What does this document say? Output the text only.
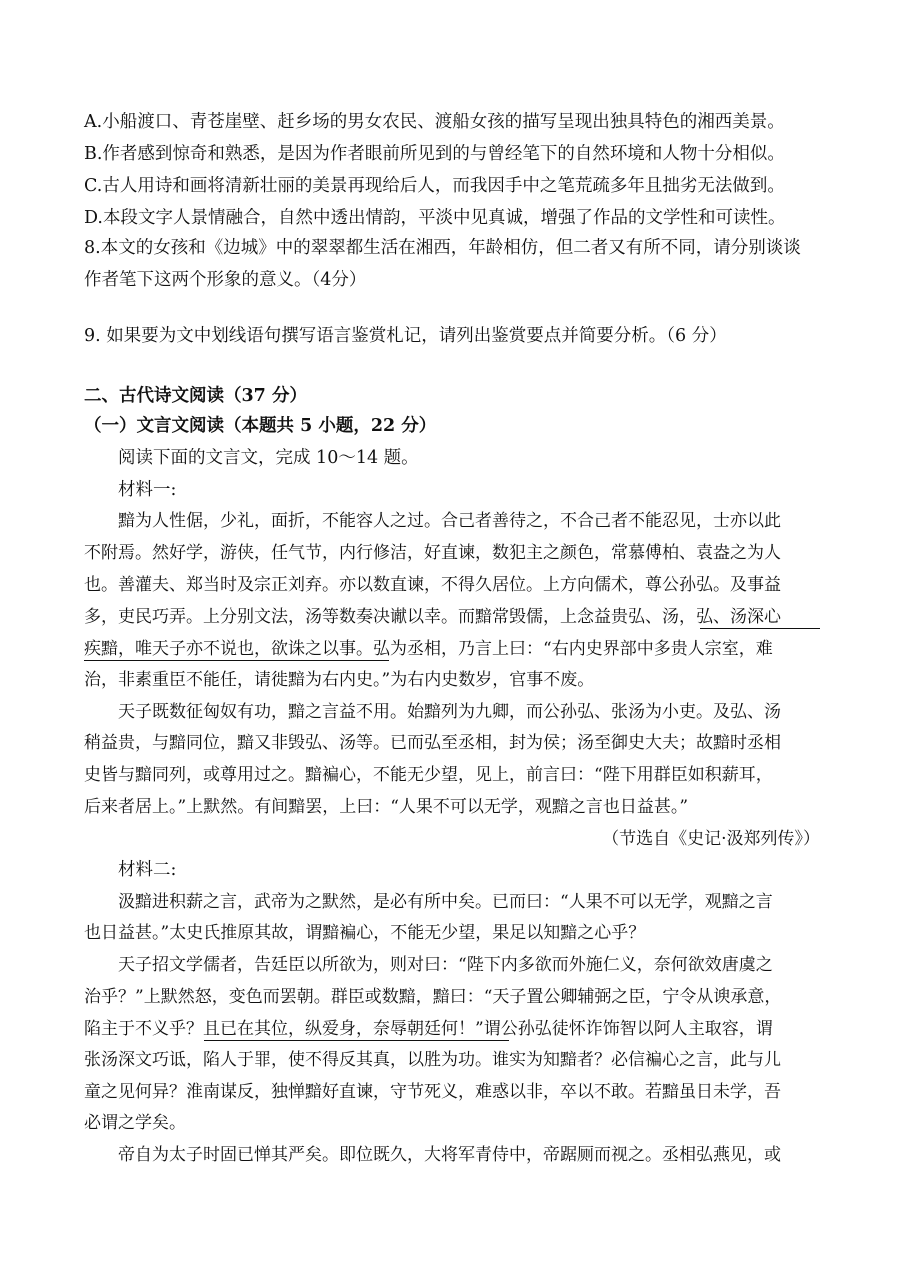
A.小船渡口、青苍崖壁、赶乡场的男女农民、渡船女孩的描写呈现出独具特色的湘西美景。
B.作者感到惊奇和熟悉，是因为作者眼前所见到的与曾经笔下的自然环境和人物十分相似。
C.古人用诗和画将清新壮丽的美景再现给后人，而我因手中之笔荒疏多年且拙劣无法做到。
D.本段文字人景情融合，自然中透出情韵，平淡中见真诚，增强了作品的文学性和可读性。
8.本文的女孩和《边城》中的翠翠都生活在湘西，年龄相仿，但二者又有所不同，请分别谈谈
作者笔下这两个形象的意义。（4分）
9. 如果要为文中划线语句撰写语言鉴赏札记，请列出鉴赏要点并简要分析。（6 分）
二、古代诗文阅读（37 分）
（一）文言文阅读（本题共 5 小题，22 分）
阅读下面的文言文，完成 10～14 题。
材料一:
黯为人性倨，少礼，面折，不能容人之过。合己者善待之，不合己者不能忍见，士亦以此
不附焉。然好学，游侠，任气节，内行修洁，好直谏，数犯主之颜色，常慕傅柏、袁盎之为人
也。善灌夫、郑当时及宗正刘弃。亦以数直谏，不得久居位。上方向儒术，尊公孙弘。及事益
多，吏民巧弄。上分别文法，汤等数奏决谳以幸。而黯常毁儒，上念益贵弘、汤，弘、汤深心
疾黯，唯天子亦不说也，欲诛之以事。弘为丞相，乃言上曰：“右内史界部中多贵人宗室，难
治，非素重臣不能任，请徙黯为右内史。”为右内史数岁，官事不废。
天子既数征匈奴有功，黯之言益不用。始黯列为九卿，而公孙弘、张汤为小吏。及弘、汤
稍益贵，与黯同位，黯又非毁弘、汤等。已而弘至丞相，封为侯；汤至御史大夫；故黯时丞相
史皆与黯同列，或尊用过之。黯褊心，不能无少望，见上，前言曰：“陛下用群臣如积薪耳，
后来者居上。”上默然。有间黯罢，上曰：“人果不可以无学，观黯之言也日益甚。”
（节选自《史记·汲郑列传》）
材料二:
汲黯进积薪之言，武帝为之默然，是必有所中矣。已而曰：“人果不可以无学，观黯之言
也日益甚。”太史氏推原其故，谓黯褊心，不能无少望，果足以知黯之心乎？
天子招文学儒者，告廷臣以所欲为，则对曰：“陛下内多欲而外施仁义，奈何欲效唐虞之
治乎？”上默然怒，变色而罢朝。群臣或数黯，黯曰：“天子置公卿辅弼之臣，宁令从谀承意，
陷主于不义乎？且已在其位，纵爱身，奈辱朝廷何！”谓公孙弘徒怀诈饰智以阿人主取容，谓
张汤深文巧诋，陷人于罪，使不得反其真，以胜为功。谁实为知黯者？必信褊心之言，此与儿
童之见何异？淮南谋反，独惮黯好直谏，守节死义，难惑以非，卒以不敢。若黯虽日未学，吾
必谓之学矣。
帝自为太子时固已惮其严矣。即位既久，大将军青侍中，帝踞厕而视之。丞相弘燕见，或
